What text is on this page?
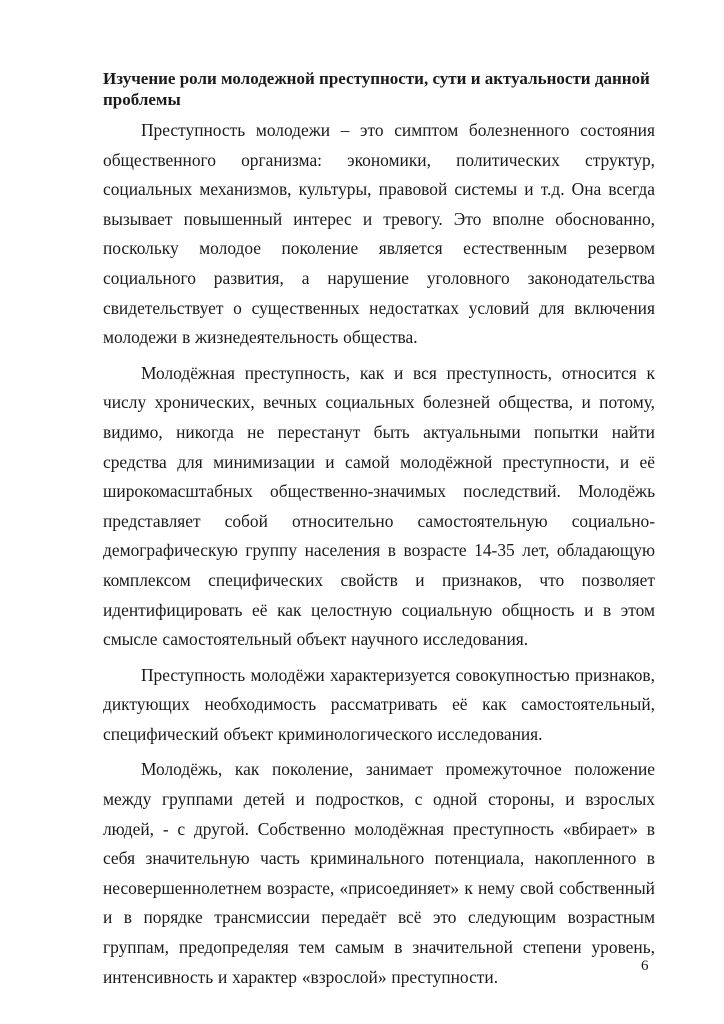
Изучение роли молодежной преступности, сути и актуальности данной проблемы

Преступность молодежи – это симптом болезненного состояния общественного организма: экономики, политических структур, социальных механизмов, культуры, правовой системы и т.д. Она всегда вызывает повышенный интерес и тревогу. Это вполне обоснованно, поскольку молодое поколение является естественным резервом социального развития, а нарушение уголовного законодательства свидетельствует о существенных недостатках условий для включения молодежи в жизнедеятельность общества.

Молодёжная преступность, как и вся преступность, относится к числу хронических, вечных социальных болезней общества, и потому, видимо, никогда не перестанут быть актуальными попытки найти средства для минимизации и самой молодёжной преступности, и её широкомасштабных общественно-значимых последствий. Молодёжь представляет собой относительно самостоятельную социально-демографическую группу населения в возрасте 14-35 лет, обладающую комплексом специфических свойств и признаков, что позволяет идентифицировать её как целостную социальную общность и в этом смысле самостоятельный объект научного исследования.

Преступность молодёжи характеризуется совокупностью признаков, диктующих необходимость рассматривать её как самостоятельный, специфический объект криминологического исследования.

Молодёжь, как поколение, занимает промежуточное положение между группами детей и подростков, с одной стороны, и взрослых людей, - с другой. Собственно молодёжная преступность «вбирает» в себя значительную часть криминального потенциала, накопленного в несовершеннолетнем возрасте, «присоединяет» к нему свой собственный и в порядке трансмиссии передаёт всё это следующим возрастным группам, предопределяя тем самым в значительной степени уровень, интенсивность и характер «взрослой» преступности.

6
